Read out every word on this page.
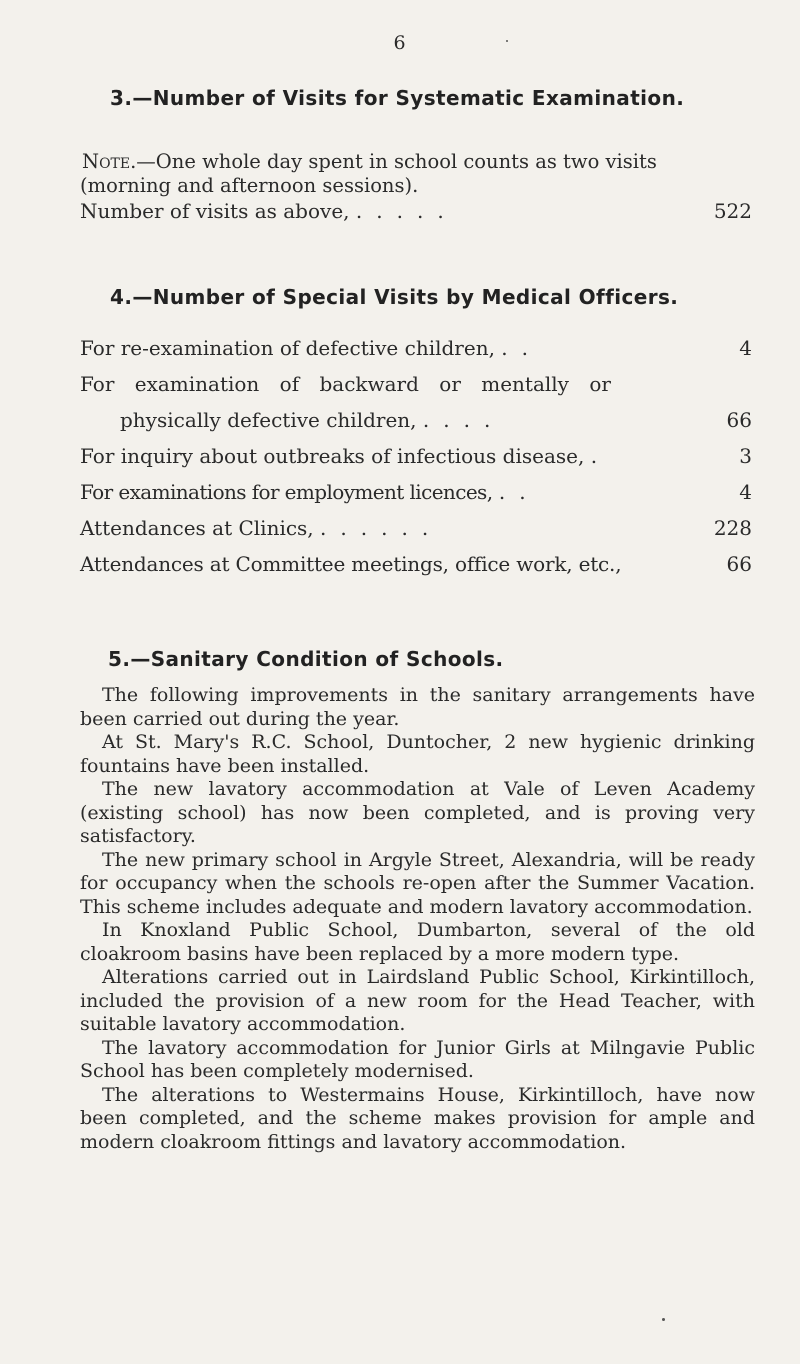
6
3.—Number of Visits for Systematic Examination.
Note.—One whole day spent in school counts as two visits
(morning and afternoon sessions).
Number of visits as above, .....	522
4.—Number of Special Visits by Medical Officers.
For re-examination of defective children, ..	4
For examination of backward or mentally or
physically defective children, ....	66
For inquiry about outbreaks of infectious disease, .	3
For examinations for employment licences, ..	4
Attendances at Clinics, ......	228
Attendances at Committee meetings, office work, etc.,	66
5.—Sanitary Condition of Schools.

The following improvements in the sanitary arrangements have been carried out during the year.

At St. Mary's R.C. School, Duntocher, 2 new hygienic drinking fountains have been installed.

The new lavatory accommodation at Vale of Leven Academy (existing school) has now been completed, and is proving very satisfactory.

The new primary school in Argyle Street, Alexandria, will be ready for occupancy when the schools re-open after the Summer Vacation. This scheme includes adequate and modern lavatory accommodation.

In Knoxland Public School, Dumbarton, several of the old cloakroom basins have been replaced by a more modern type.

Alterations carried out in Lairdsland Public School, Kirkintilloch, included the provision of a new room for the Head Teacher, with suitable lavatory accommodation.

The lavatory accommodation for Junior Girls at Milngavie Public School has been completely modernised.

The alterations to Westermains House, Kirkintilloch, have now been completed, and the scheme makes provision for ample and modern cloakroom fittings and lavatory accommodation.
